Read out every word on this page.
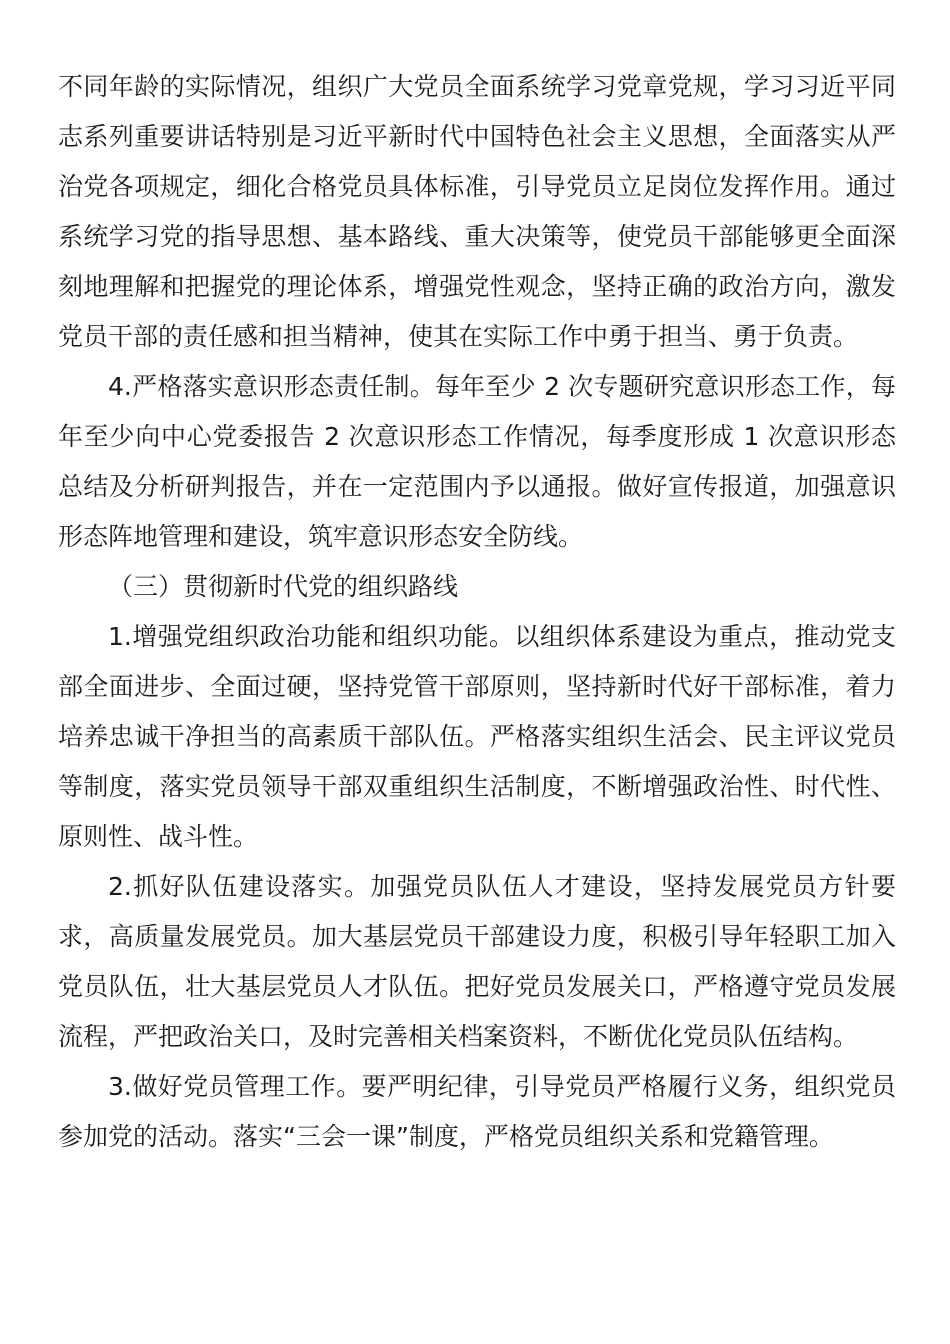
不同年龄的实际情况，组织广大党员全面系统学习党章党规，学习习近平同志系列重要讲话特别是习近平新时代中国特色社会主义思想，全面落实从严治党各项规定，细化合格党员具体标准，引导党员立足岗位发挥作用。通过系统学习党的指导思想、基本路线、重大决策等，使党员干部能够更全面深刻地理解和把握党的理论体系，增强党性观念，坚持正确的政治方向，激发党员干部的责任感和担当精神，使其在实际工作中勇于担当、勇于负责。

4.严格落实意识形态责任制。每年至少 2 次专题研究意识形态工作，每年至少向中心党委报告 2 次意识形态工作情况，每季度形成 1 次意识形态总结及分析研判报告，并在一定范围内予以通报。做好宣传报道，加强意识形态阵地管理和建设，筑牢意识形态安全防线。

（三）贯彻新时代党的组织路线

1.增强党组织政治功能和组织功能。以组织体系建设为重点，推动党支部全面进步、全面过硬，坚持党管干部原则，坚持新时代好干部标准，着力培养忠诚干净担当的高素质干部队伍。严格落实组织生活会、民主评议党员等制度，落实党员领导干部双重组织生活制度，不断增强政治性、时代性、原则性、战斗性。

2.抓好队伍建设落实。加强党员队伍人才建设，坚持发展党员方针要求，高质量发展党员。加大基层党员干部建设力度，积极引导年轻职工加入党员队伍，壮大基层党员人才队伍。把好党员发展关口，严格遵守党员发展流程，严把政治关口，及时完善相关档案资料，不断优化党员队伍结构。

3.做好党员管理工作。要严明纪律，引导党员严格履行义务，组织党员参加党的活动。落实“三会一课”制度，严格党员组织关系和党籍管理。
